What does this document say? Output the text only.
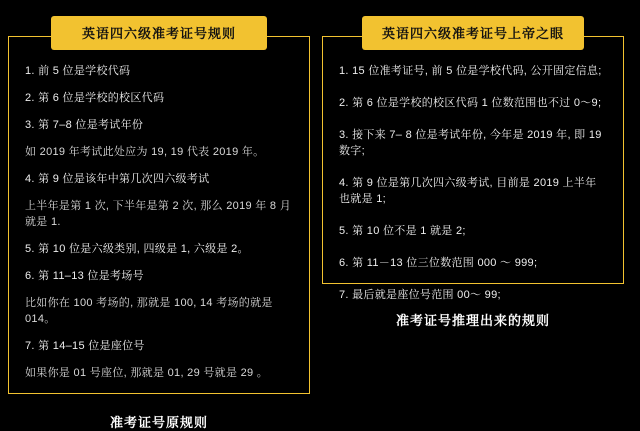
英语四六级准考证号规则

1. 前 5 位是学校代码

2. 第 6 位是学校的校区代码

3. 第 7–8 位是考试年份

如 2019 年考试此处应为 19, 19 代表 2019 年。

4. 第 9 位是该年中第几次四六级考试

上半年是第 1 次, 下半年是第 2 次, 那么 2019 年 8 月就是 1.

5. 第 10 位是六级类别, 四级是 1, 六级是 2。

6. 第 11–13 位是考场号

比如你在 100 考场的, 那就是 100, 14 考场的就是 014。

7. 第 14–15 位是座位号

如果你是 01 号座位, 那就是 01, 29 号就是 29 。

准考证号原规则
英语四六级准考证号上帝之眼

1. 15 位准考证号, 前 5 位是学校代码, 公开固定信息;

2. 第 6 位是学校的校区代码 1 位数范围也不过 0～9;

3. 接下来 7– 8 位是考试年份, 今年是 2019 年, 即 19 数字;

4. 第 9 位是第几次四六级考试, 目前是 2019 上半年也就是 1;

5. 第 10 位不是 1 就是 2;

6. 第 11－13 位三位数范围 000 ～ 999;

7. 最后就是座位号范围 00～ 99;

准考证号推理出来的规则
